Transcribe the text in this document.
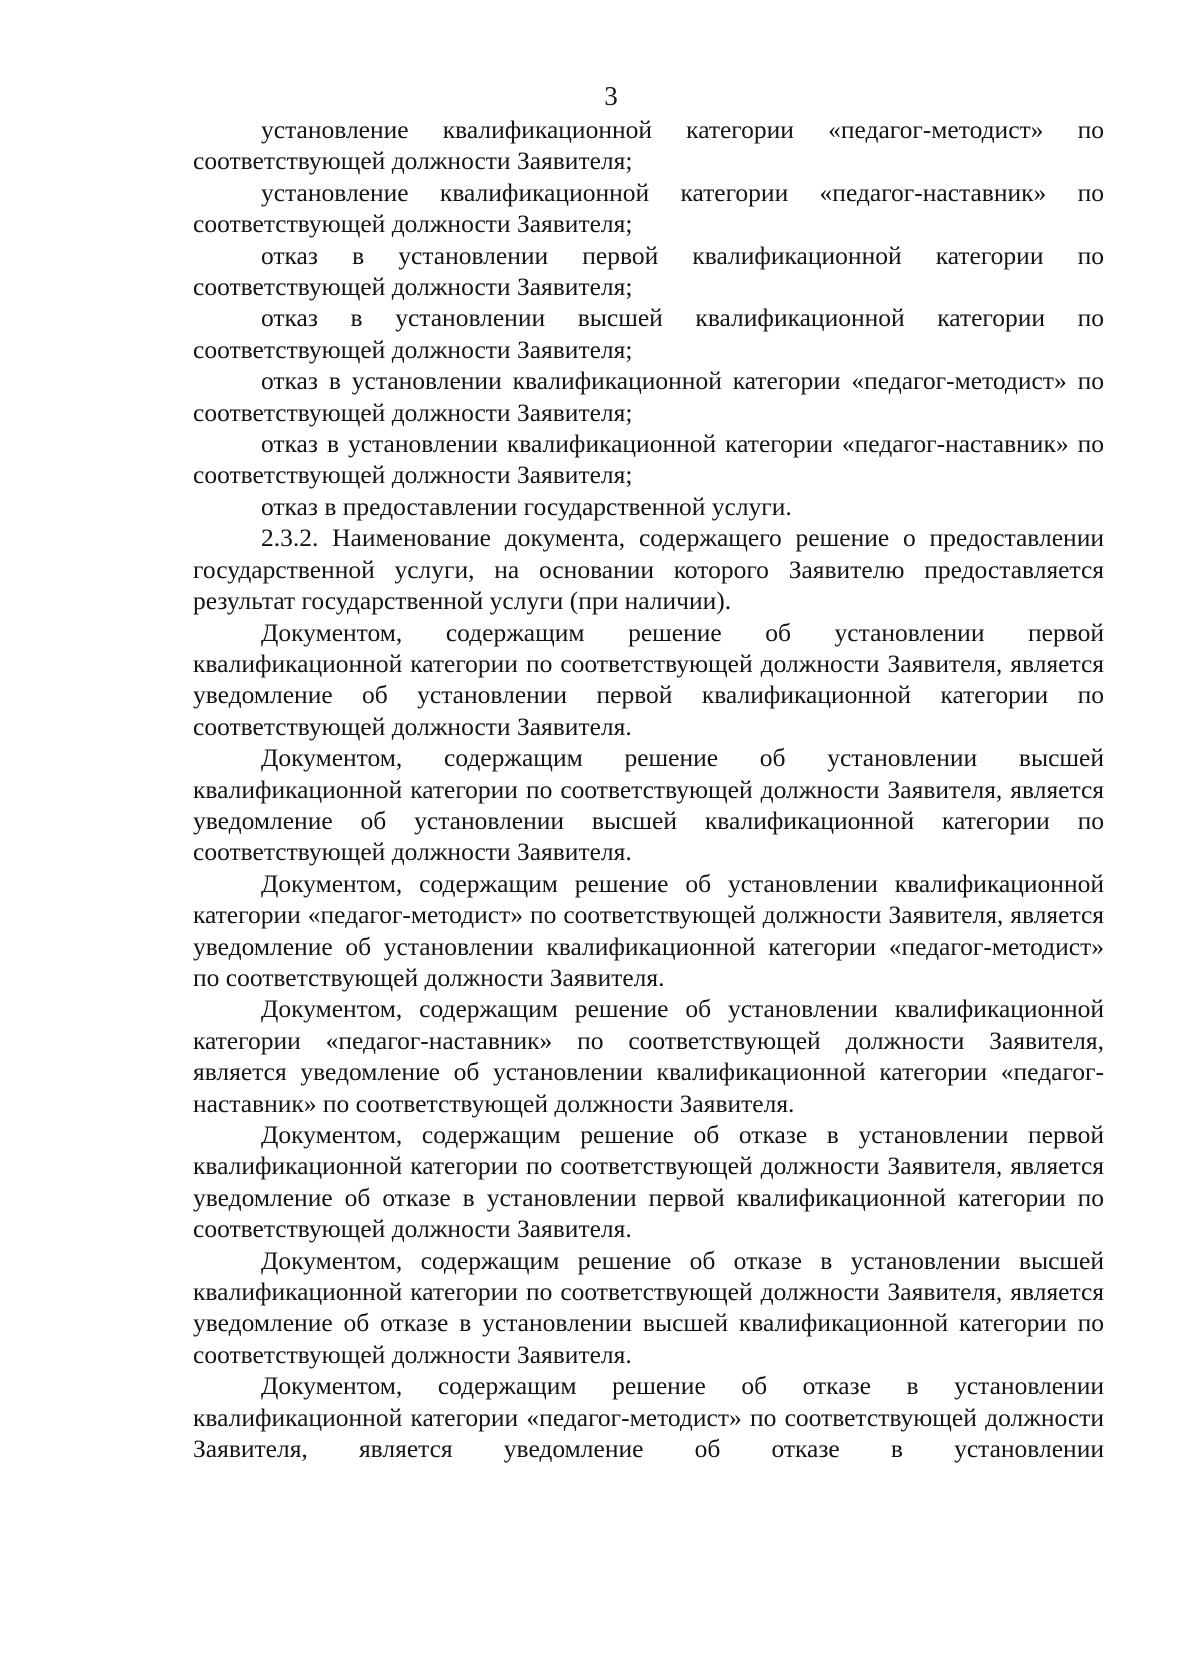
3

установление квалификационной категории «педагог-методист» по соответствующей должности Заявителя;

установление квалификационной категории «педагог-наставник» по соответствующей должности Заявителя;

отказ в установлении первой квалификационной категории по соответствующей должности Заявителя;

отказ в установлении высшей квалификационной категории по соответствующей должности Заявителя;

отказ в установлении квалификационной категории «педагог-методист» по соответствующей должности Заявителя;

отказ в установлении квалификационной категории «педагог-наставник» по соответствующей должности Заявителя;

отказ в предоставлении государственной услуги.

2.3.2. Наименование документа, содержащего решение о предоставлении государственной услуги, на основании которого Заявителю предоставляется результат государственной услуги (при наличии).

Документом, содержащим решение об установлении первой квалификационной категории по соответствующей должности Заявителя, является уведомление об установлении первой квалификационной категории по соответствующей должности Заявителя.

Документом, содержащим решение об установлении высшей квалификационной категории по соответствующей должности Заявителя, является уведомление об установлении высшей квалификационной категории по соответствующей должности Заявителя.

Документом, содержащим решение об установлении квалификационной категории «педагог-методист» по соответствующей должности Заявителя, является уведомление об установлении квалификационной категории «педагог-методист» по соответствующей должности Заявителя.

Документом, содержащим решение об установлении квалификационной категории «педагог-наставник» по соответствующей должности Заявителя, является уведомление об установлении квалификационной категории «педагог-наставник» по соответствующей должности Заявителя.

Документом, содержащим решение об отказе в установлении первой квалификационной категории по соответствующей должности Заявителя, является уведомление об отказе в установлении первой квалификационной категории по соответствующей должности Заявителя.

Документом, содержащим решение об отказе в установлении высшей квалификационной категории по соответствующей должности Заявителя, является уведомление об отказе в установлении высшей квалификационной категории по соответствующей должности Заявителя.

Документом, содержащим решение об отказе в установлении квалификационной категории «педагог-методист» по соответствующей должности Заявителя, является уведомление об отказе в установлении
